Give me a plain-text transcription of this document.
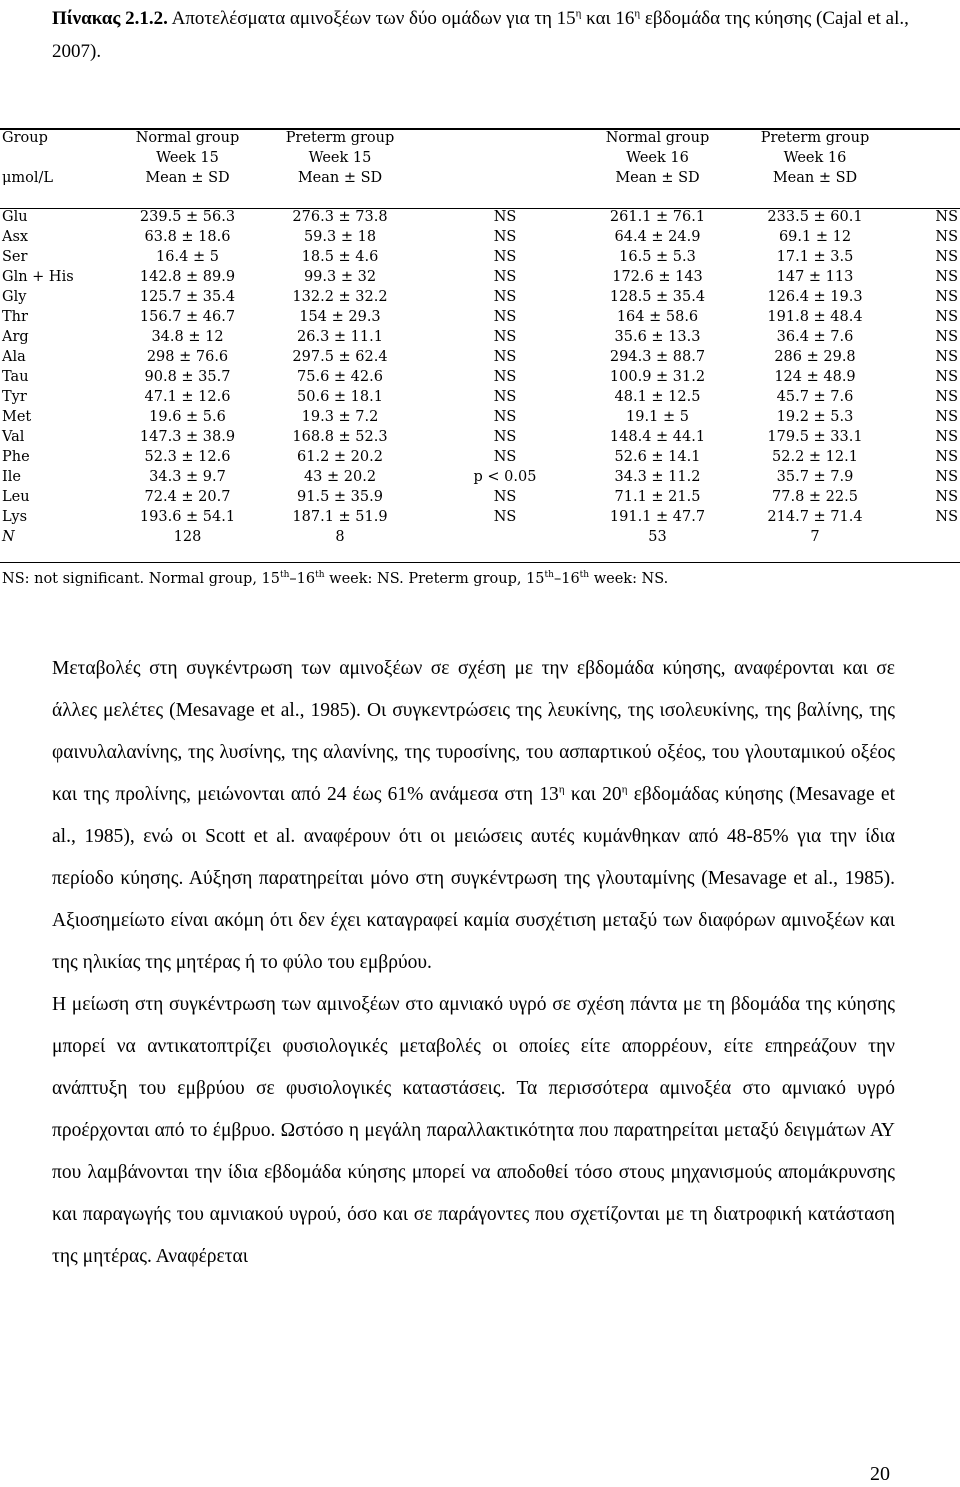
Πίνακας 2.1.2. Αποτελέσματα αμινοξέων των δύο ομάδων για τη $15^\eta$ και $16^\eta$ εβδομάδα της κύησης (Cajal et al., 2007).
Group	Normal group	Preterm group		Normal group	Preterm group		
	Week 15	Week 15		Week 16	Week 16		
μmol/L	Mean ± SD	Mean ± SD		Mean ± SD	Mean ± SD		

Glu	239.5 ± 56.3	276.3 ± 73.8	NS	261.1 ± 76.1	233.5 ± 60.1		NS
Asx	63.8 ± 18.6	59.3 ± 18	NS	64.4 ± 24.9	69.1 ± 12		NS
Ser	16.4 ± 5	18.5 ± 4.6	NS	16.5 ± 5.3	17.1 ± 3.5		NS
Gln + His	142.8 ± 89.9	99.3 ± 32	NS	172.6 ± 143	147 ± 113		NS
Gly	125.7 ± 35.4	132.2 ± 32.2	NS	128.5 ± 35.4	126.4 ± 19.3		NS
Thr	156.7 ± 46.7	154 ± 29.3	NS	164 ± 58.6	191.8 ± 48.4		NS
Arg	34.8 ± 12	26.3 ± 11.1	NS	35.6 ± 13.3	36.4 ± 7.6		NS
Ala	298 ± 76.6	297.5 ± 62.4	NS	294.3 ± 88.7	286 ± 29.8		NS
Tau	90.8 ± 35.7	75.6 ± 42.6	NS	100.9 ± 31.2	124 ± 48.9		NS
Tyr	47.1 ± 12.6	50.6 ± 18.1	NS	48.1 ± 12.5	45.7 ± 7.6		NS
Met	19.6 ± 5.6	19.3 ± 7.2	NS	19.1 ± 5	19.2 ± 5.3		NS
Val	147.3 ± 38.9	168.8 ± 52.3	NS	148.4 ± 44.1	179.5 ± 33.1		NS
Phe	52.3 ± 12.6	61.2 ± 20.2	NS	52.6 ± 14.1	52.2 ± 12.1		NS
Ile	34.3 ± 9.7	43 ± 20.2	p < 0.05	34.3 ± 11.2	35.7 ± 7.9		NS
Leu	72.4 ± 20.7	91.5 ± 35.9	NS	71.1 ± 21.5	77.8 ± 22.5		NS
Lys	193.6 ± 54.1	187.1 ± 51.9	NS	191.1 ± 47.7	214.7 ± 71.4		NS
N	128	8		53	7		
NS: not significant. Normal group, 15th–16th week: NS. Preterm group, 15th–16th week: NS.

Μεταβολές στη συγκέντρωση των αμινοξέων σε σχέση με την εβδομάδα κύησης, αναφέρονται και σε άλλες μελέτες (Mesavage et al., 1985). Οι συγκεντρώσεις της λευκίνης, της ισολευκίνης, της βαλίνης, της φαινυλαλανίνης, της λυσίνης, της αλανίνης, της τυροσίνης, του ασπαρτικού οξέος, του γλουταμικού οξέος και της προλίνης, μειώνονται από 24 έως 61% ανάμεσα στη $13^\eta$ και $20^\eta$ εβδομάδας κύησης (Mesavage et al., 1985), ενώ οι Scott et al. αναφέρουν ότι οι μειώσεις αυτές κυμάνθηκαν από 48-85% για την ίδια περίοδο κύησης. Αύξηση παρατηρείται μόνο στη συγκέντρωση της γλουταμίνης (Mesavage et al., 1985). Αξιοσημείωτο είναι ακόμη ότι δεν έχει καταγραφεί καμία συσχέτιση μεταξύ των διαφόρων αμινοξέων και της ηλικίας της μητέρας ή το φύλο του εμβρύου.

Η μείωση στη συγκέντρωση των αμινοξέων στο αμνιακό υγρό σε σχέση πάντα με τη βδομάδα της κύησης μπορεί να αντικατοπτρίζει φυσιολογικές μεταβολές οι οποίες είτε απορρέουν, είτε επηρεάζουν την ανάπτυξη του εμβρύου σε φυσιολογικές καταστάσεις. Τα περισσότερα αμινοξέα στο αμνιακό υγρό προέρχονται από το έμβρυο. Ωστόσο η μεγάλη παραλλακτικότητα που παρατηρείται μεταξύ δειγμάτων ΑΥ που λαμβάνονται την ίδια εβδομάδα κύησης μπορεί να αποδοθεί τόσο στους μηχανισμούς απομάκρυνσης και παραγωγής του αμνιακού υγρού, όσο και σε παράγοντες που σχετίζονται με τη διατροφική κατάσταση της μητέρας. Αναφέρεται

20
